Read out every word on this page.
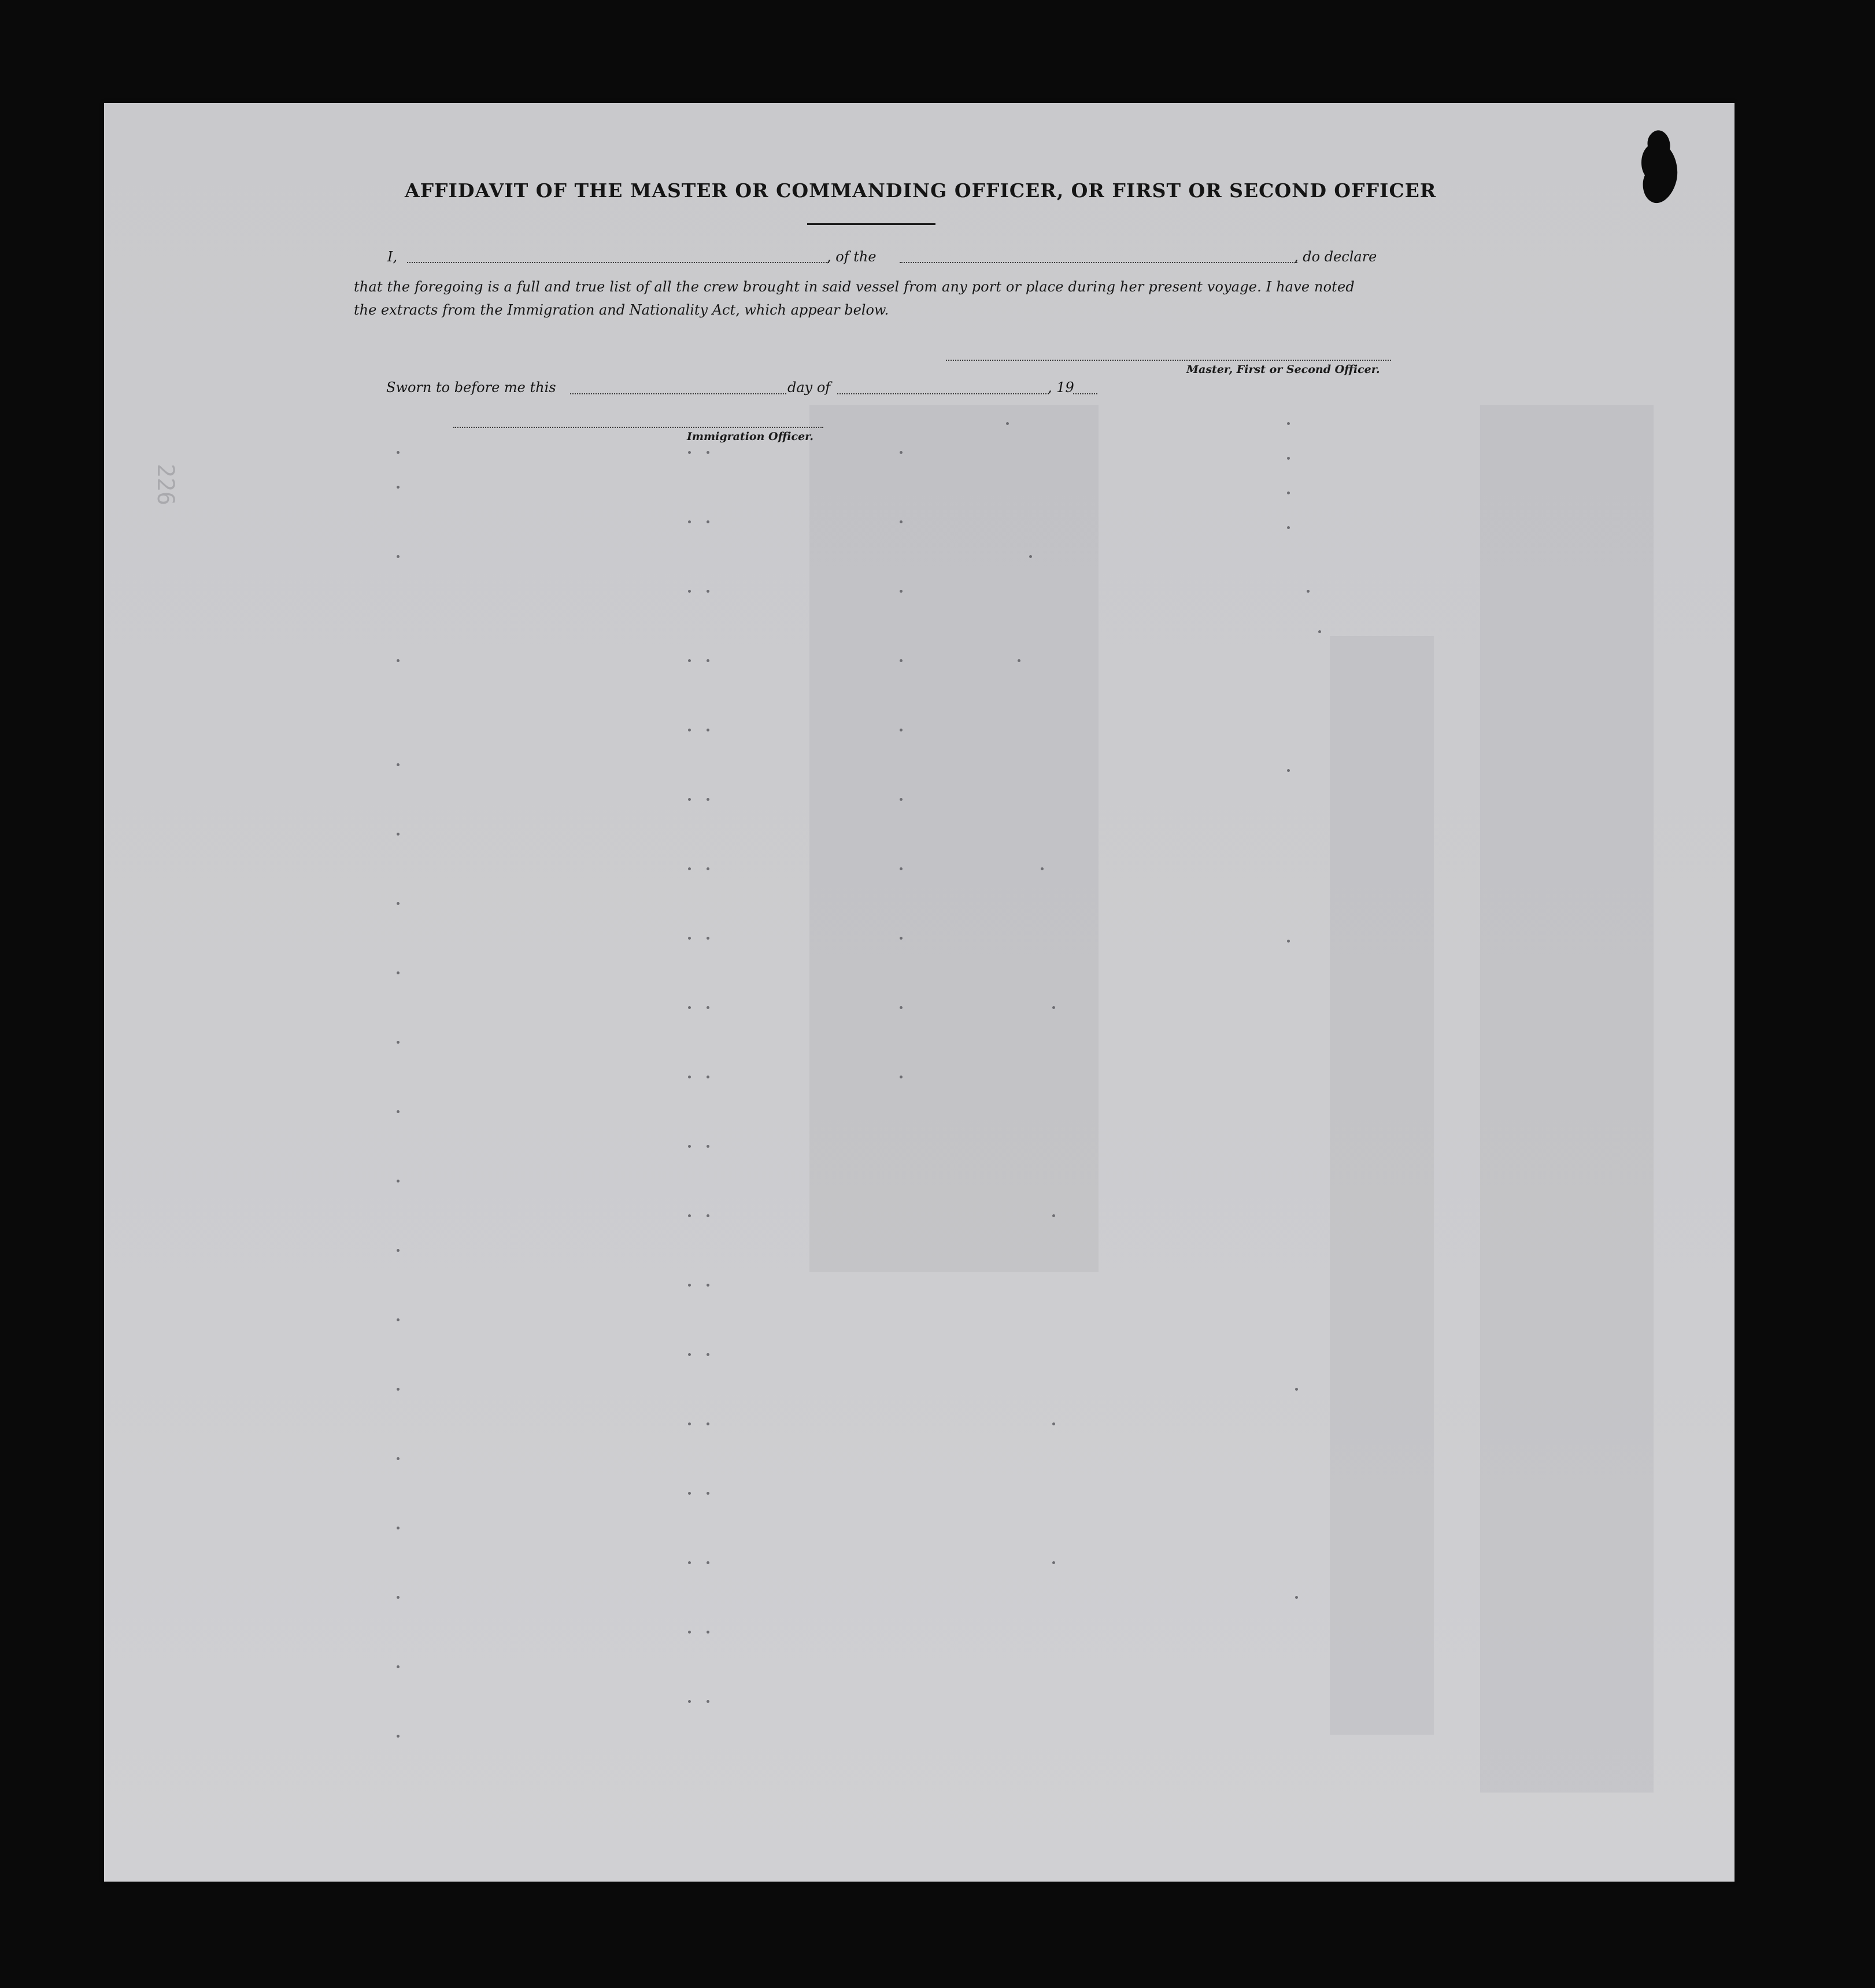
226
AFFIDAVIT OF THE MASTER OR COMMANDING OFFICER, OR FIRST OR SECOND OFFICER
I,	, of the	, do declare
that the foregoing is a full and true list of all the crew brought in said vessel from any port or place during her present voyage. I have noted
the extracts from the Immigration and Nationality Act, which appear below.
Master, First or Second Officer.
Sworn to before me this	day of	, 19
Immigration Officer.
